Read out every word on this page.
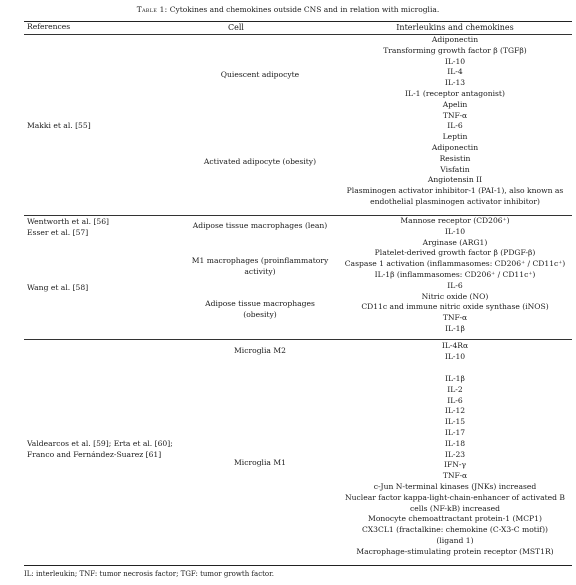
Table 1: Cytokines and chemokines outside CNS and in relation with microglia.
References	Cell	Interleukins and chemokines
Makki et al. [55]
Quiescent adipocyte
Activated adipocyte (obesity)
Adiponectin
Transforming growth factor β (TGFβ)
IL-10
IL-4
IL-13
IL-1 (receptor antagonist)
Apelin
TNF-α
IL-6
Leptin
Adiponectin
Resistin
Visfatin
Angiotensin II
Plasminogen activator inhibitor-1 (PAI-1), also known as endothelial plasminogen activator inhibitor)
Wentworth et al. [56]
Esser et al. [57]
Wang et al. [58]
Adipose tissue macrophages (lean)
M1 macrophages (proinflammatory activity)
Adipose tissue macrophages (obesity)
Mannose receptor (CD206⁺)
IL-10
Arginase (ARG1)
Platelet-derived growth factor β (PDGF-β)
Caspase 1 activation (inflammasomes: CD206⁺ / CD11c⁺)
IL-1β (inflammasomes: CD206⁺ / CD11c⁺)
IL-6
Nitric oxide (NO)
CD11c and immune nitric oxide synthase (iNOS)
TNF-α
IL-1β
Valdearcos et al. [59]; Erta et al. [60];
Franco and Fernández-Suarez [61]
Microglia M2
Microglia M1
IL-4Rα
IL-10
IL-1β
IL-2
IL-6
IL-12
IL-15
IL-17
IL-18
IL-23
IFN-γ
TNF-α
c-Jun N-terminal kinases (JNKs) increased
Nuclear factor kappa-light-chain-enhancer of activated B cells (NF-kB) increased
Monocyte chemoattractant protein-1 (MCP1)
CX3CL1 (fractalkine: chemokine (C-X3-C motif)) (ligand 1)
Macrophage-stimulating protein receptor (MST1R)
IL: interleukin; TNF: tumor necrosis factor; TGF: tumor growth factor.
